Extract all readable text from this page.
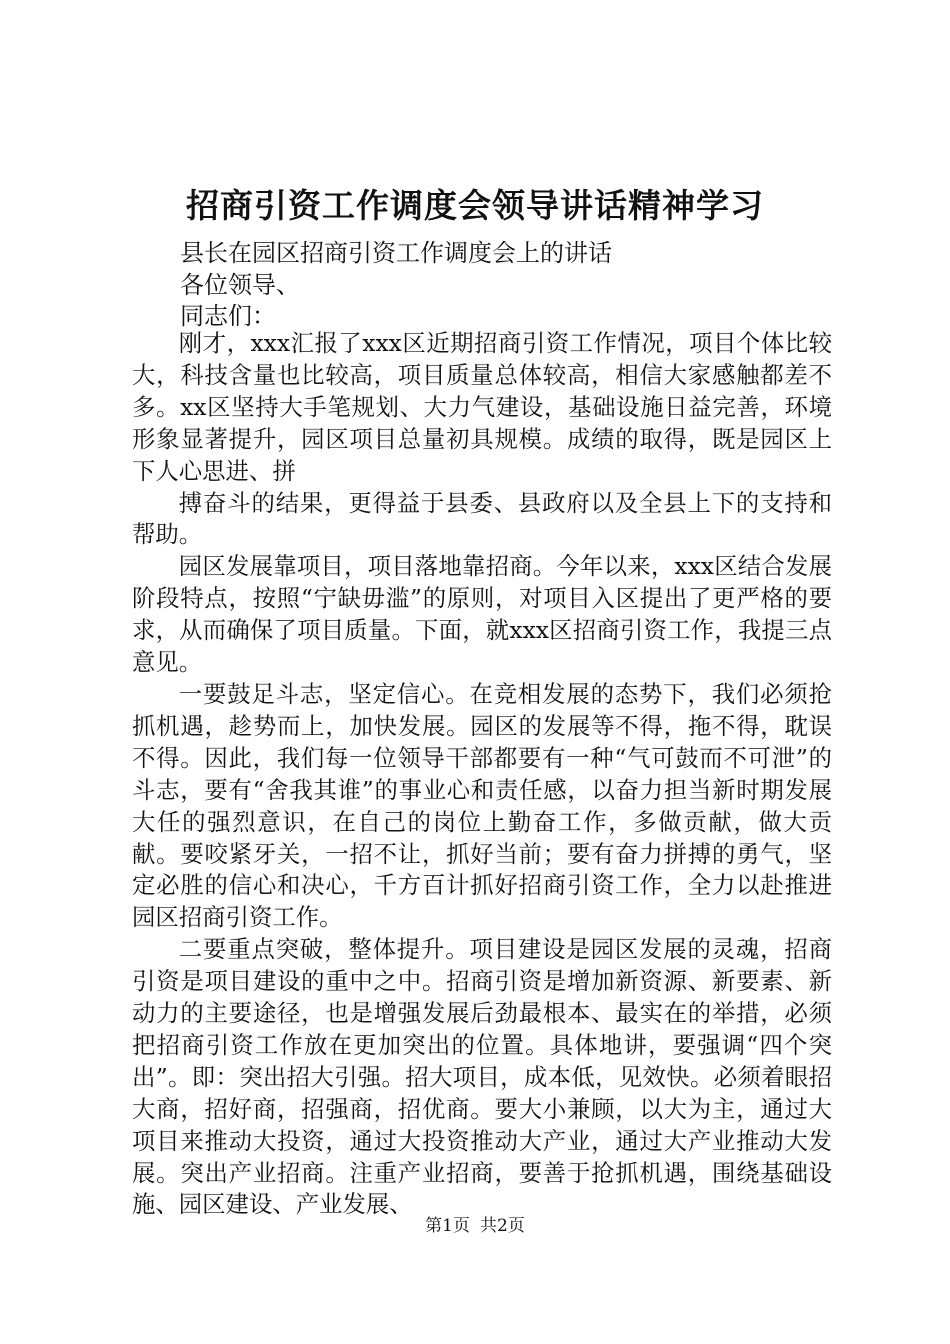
招商引资工作调度会领导讲话精神学习
县长在园区招商引资工作调度会上的讲话
各位领导、
同志们：

刚才，xxx汇报了xxx区近期招商引资工作情况，项目个体比较大，科技含量也比较高，项目质量总体较高，相信大家感触都差不多。xx区坚持大手笔规划、大力气建设，基础设施日益完善，环境形象显著提升，园区项目总量初具规模。成绩的取得，既是园区上下人心思进、拼

搏奋斗的结果，更得益于县委、县政府以及全县上下的支持和帮助。

园区发展靠项目，项目落地靠招商。今年以来，xxx区结合发展阶段特点，按照“宁缺毋滥”的原则，对项目入区提出了更严格的要求，从而确保了项目质量。下面，就xxx区招商引资工作，我提三点意见。

一要鼓足斗志，坚定信心。在竞相发展的态势下，我们必须抢抓机遇，趁势而上，加快发展。园区的发展等不得，拖不得，耽误不得。因此，我们每一位领导干部都要有一种“气可鼓而不可泄”的斗志，要有“舍我其谁”的事业心和责任感，以奋力担当新时期发展大任的强烈意识，在自己的岗位上勤奋工作，多做贡献，做大贡献。要咬紧牙关，一招不让，抓好当前；要有奋力拼搏的勇气，坚定必胜的信心和决心，千方百计抓好招商引资工作，全力以赴推进园区招商引资工作。

二要重点突破，整体提升。项目建设是园区发展的灵魂，招商引资是项目建设的重中之中。招商引资是增加新资源、新要素、新动力的主要途径，也是增强发展后劲最根本、最实在的举措，必须把招商引资工作放在更加突出的位置。具体地讲，要强调“四个突出”。即：突出招大引强。招大项目，成本低，见效快。必须着眼招大商，招好商，招强商，招优商。要大小兼顾，以大为主，通过大项目来推动大投资，通过大投资推动大产业，通过大产业推动大发展。突出产业招商。注重产业招商，要善于抢抓机遇，围绕基础设施、园区建设、产业发展、

第1页 共2页
